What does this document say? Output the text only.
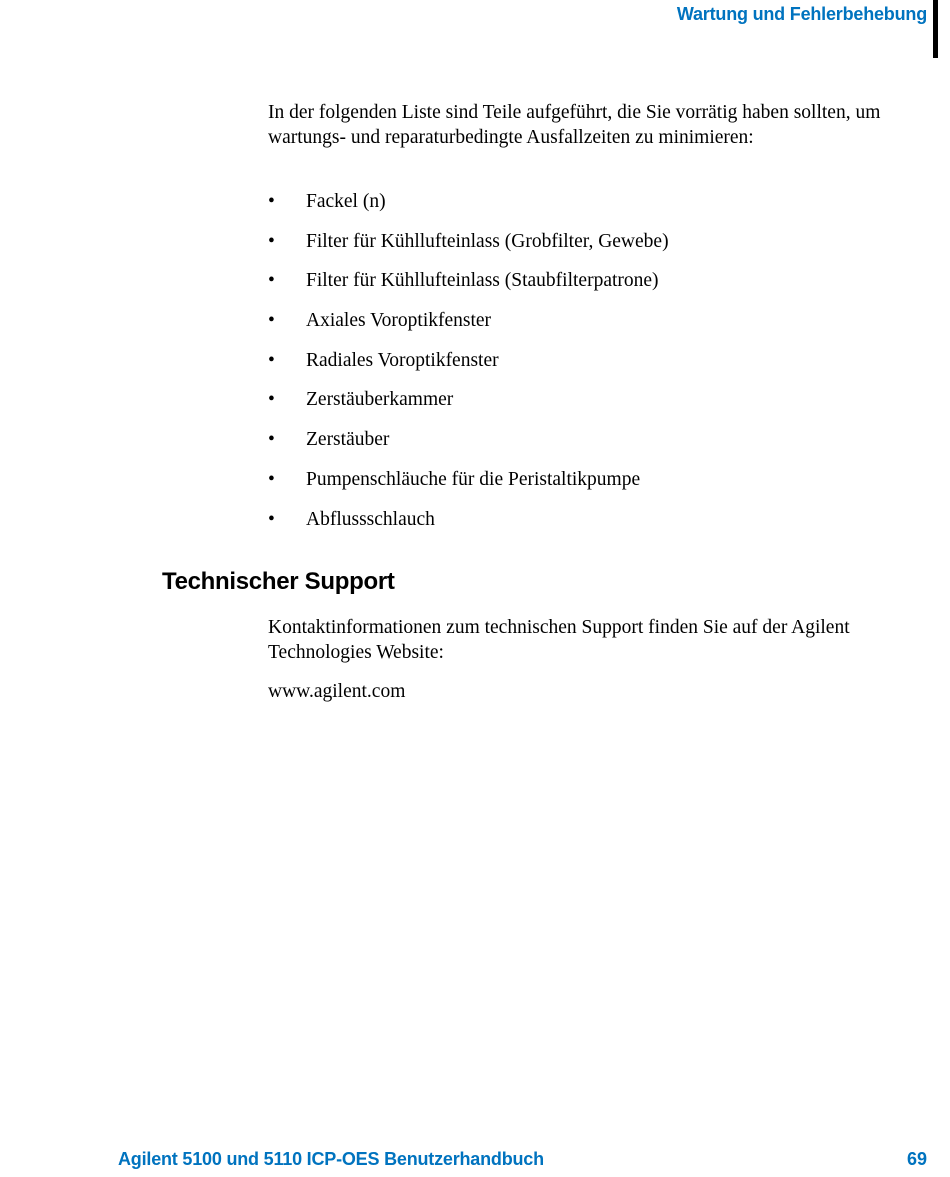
Wartung und Fehlerbehebung

In der folgenden Liste sind Teile aufgeführt, die Sie vorrätig haben sollten, um wartungs- und reparaturbedingte Ausfallzeiten zu minimieren:

• Fackel (n)
• Filter für Kühllufteinlass (Grobfilter, Gewebe)
• Filter für Kühllufteinlass (Staubfilterpatrone)
• Axiales Voroptikfenster
• Radiales Voroptikfenster
• Zerstäuberkammer
• Zerstäuber
• Pumpenschläuche für die Peristaltikpumpe
• Abflussschlauch
Technischer Support

Kontaktinformationen zum technischen Support finden Sie auf der Agilent Technologies Website:

www.agilent.com

Agilent 5100 und 5110 ICP-OES Benutzerhandbuch	69
